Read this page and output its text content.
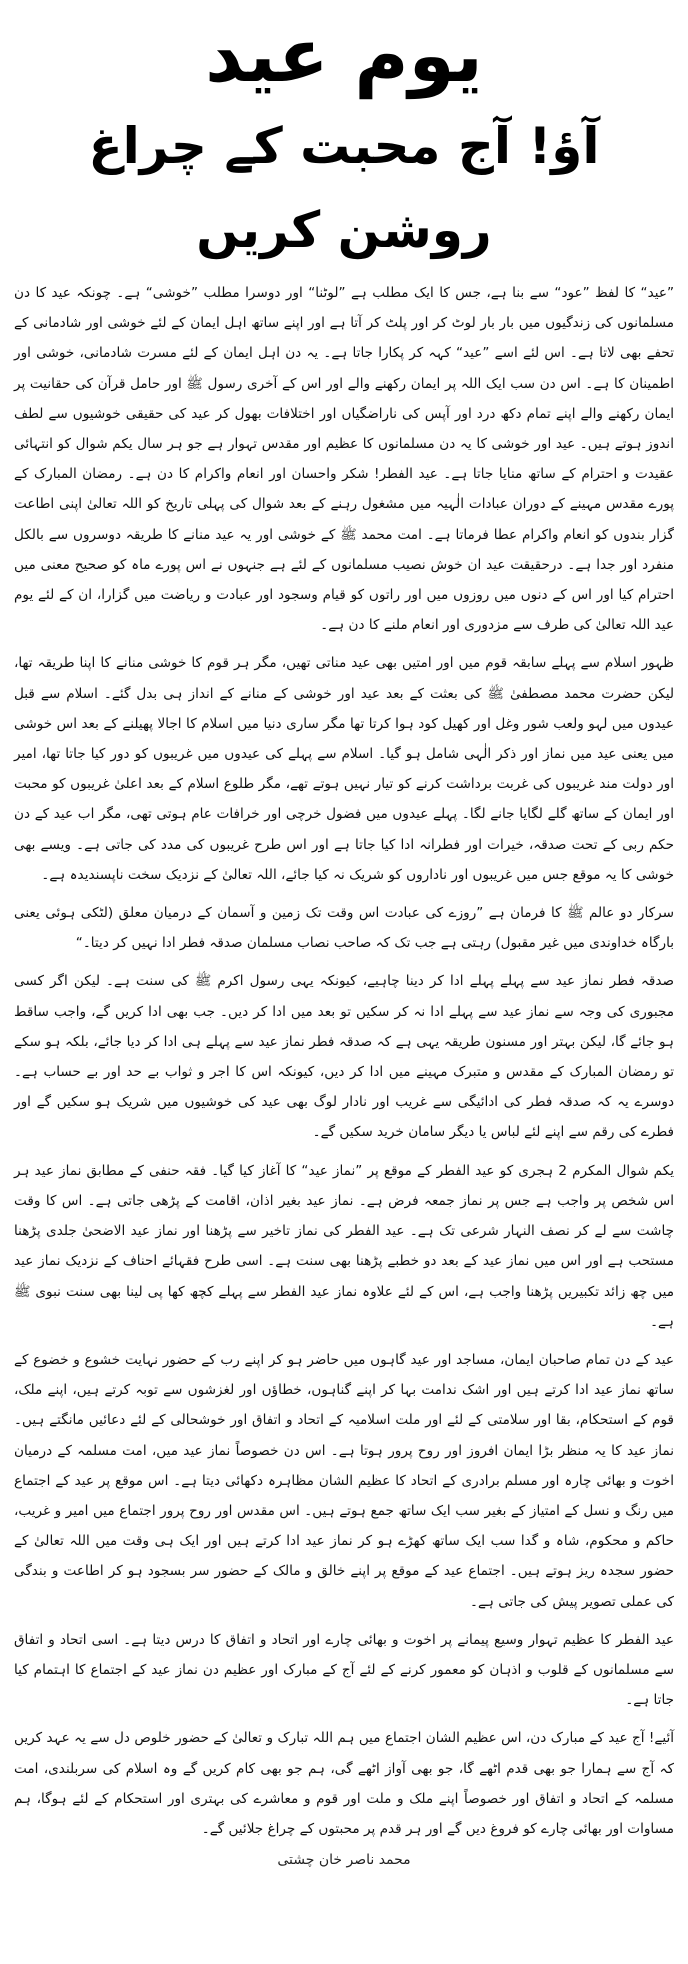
یوم عید
آؤ! آج محبت کے چراغ روشن کریں

”عید“ کا لفظ ”عود“ سے بنا ہے، جس کا ایک مطلب ہے ”لوٹنا“ اور دوسرا مطلب ”خوشی“ ہے۔ چونکہ عید کا دن مسلمانوں کی زندگیوں میں بار بار لوٹ کر اور پلٹ کر آتا ہے اور اپنے ساتھ اہل ایمان کے لئے خوشی اور شادمانی کے تحفے بھی لاتا ہے۔ اس لئے اسے ”عید“ کہہ کر پکارا جاتا ہے۔ یہ دن اہل ایمان کے لئے مسرت شادمانی، خوشی اور اطمینان کا ہے۔ اس دن سب ایک اللہ پر ایمان رکھنے والے اور اس کے آخری رسول ﷺ اور حامل قرآن کی حقانیت پر ایمان رکھنے والے اپنے تمام دکھ درد اور آپس کی ناراضگیاں اور اختلافات بھول کر عید کی حقیقی خوشیوں سے لطف اندوز ہوتے ہیں۔ عید اور خوشی کا یہ دن مسلمانوں کا عظیم اور مقدس تہوار ہے جو ہر سال یکم شوال کو انتہائی عقیدت و احترام کے ساتھ منایا جاتا ہے۔ عید الفطر! شکر واحسان اور انعام واکرام کا دن ہے۔ رمضان المبارک کے پورے مقدس مہینے کے دوران عبادات الٰہیہ میں مشغول رہنے کے بعد شوال کی پہلی تاریخ کو اللہ تعالیٰ اپنی اطاعت گزار بندوں کو انعام واکرام عطا فرماتا ہے۔ امت محمد ﷺ کے خوشی اور یہ عید منانے کا طریقہ دوسروں سے بالکل منفرد اور جدا ہے۔ درحقیقت عید ان خوش نصیب مسلمانوں کے لئے ہے جنہوں نے اس پورے ماہ کو صحیح معنی میں احترام کیا اور اس کے دنوں میں روزوں میں اور راتوں کو قیام وسجود اور عبادت و ریاضت میں گزارا، ان کے لئے یوم عید اللہ تعالیٰ کی طرف سے مزدوری اور انعام ملنے کا دن ہے۔

ظہور اسلام سے پہلے سابقہ قوم میں اور امتیں بھی عید مناتی تھیں، مگر ہر قوم کا خوشی منانے کا اپنا طریقہ تھا، لیکن حضرت محمد مصطفیٰ ﷺ کی بعثت کے بعد عید اور خوشی کے منانے کے انداز ہی بدل گئے۔ اسلام سے قبل عیدوں میں لہو ولعب شور وغل اور کھیل کود ہوا کرتا تھا مگر ساری دنیا میں اسلام کا اجالا پھیلنے کے بعد اس خوشی میں یعنی عید میں نماز اور ذکر الٰہی شامل ہو گیا۔ اسلام سے پہلے کی عیدوں میں غریبوں کو دور کیا جاتا تھا، امیر اور دولت مند غریبوں کی غربت برداشت کرنے کو تیار نہیں ہوتے تھے، مگر طلوع اسلام کے بعد اعلیٰ غریبوں کو محبت اور ایمان کے ساتھ گلے لگایا جانے لگا۔ پہلے عیدوں میں فضول خرچی اور خرافات عام ہوتی تھی، مگر اب عید کے دن حکم ربی کے تحت صدقہ، خیرات اور فطرانہ ادا کیا جاتا ہے اور اس طرح غریبوں کی مدد کی جاتی ہے۔ ویسے بھی خوشی کا یہ موقع جس میں غریبوں اور ناداروں کو شریک نہ کیا جائے، اللہ تعالیٰ کے نزدیک سخت ناپسندیدہ ہے۔

سرکار دو عالم ﷺ کا فرمان ہے ”روزے کی عبادت اس وقت تک زمین و آسمان کے درمیان معلق (لٹکی ہوئی یعنی بارگاہ خداوندی میں غیر مقبول) رہتی ہے جب تک کہ صاحب نصاب مسلمان صدقہ فطر ادا نہیں کر دیتا۔“

صدقہ فطر نماز عید سے پہلے پہلے ادا کر دینا چاہیے، کیونکہ یہی رسول اکرم ﷺ کی سنت ہے۔ لیکن اگر کسی مجبوری کی وجہ سے نماز عید سے پہلے ادا نہ کر سکیں تو بعد میں ادا کر دیں۔ جب بھی ادا کریں گے، واجب ساقط ہو جائے گا، لیکن بہتر اور مسنون طریقہ یہی ہے کہ صدقہ فطر نماز عید سے پہلے ہی ادا کر دیا جائے، بلکہ ہو سکے تو رمضان المبارک کے مقدس و متبرک مہینے میں ادا کر دیں، کیونکہ اس کا اجر و ثواب بے حد اور بے حساب ہے۔ دوسرے یہ کہ صدقہ فطر کی ادائیگی سے غریب اور نادار لوگ بھی عید کی خوشیوں میں شریک ہو سکیں گے اور فطرے کی رقم سے اپنے لئے لباس یا دیگر سامان خرید سکیں گے۔

یکم شوال المکرم 2 ہجری کو عید الفطر کے موقع پر ”نماز عید“ کا آغاز کیا گیا۔ فقہ حنفی کے مطابق نماز عید ہر اس شخص پر واجب ہے جس پر نماز جمعہ فرض ہے۔ نماز عید بغیر اذان، اقامت کے پڑھی جاتی ہے۔ اس کا وقت چاشت سے لے کر نصف النہار شرعی تک ہے۔ عید الفطر کی نماز تاخیر سے پڑھنا اور نماز عید الاضحیٰ جلدی پڑھنا مستحب ہے اور اس میں نماز عید کے بعد دو خطبے پڑھنا بھی سنت ہے۔ اسی طرح فقہائے احناف کے نزدیک نماز عید میں چھ زائد تکبیریں پڑھنا واجب ہے، اس کے لئے علاوہ نماز عید الفطر سے پہلے کچھ کھا پی لینا بھی سنت نبوی ﷺ ہے۔

عید کے دن تمام صاحبان ایمان، مساجد اور عید گاہوں میں حاضر ہو کر اپنے رب کے حضور نہایت خشوع و خضوع کے ساتھ نماز عید ادا کرتے ہیں اور اشک ندامت بہا کر اپنے گناہوں، خطاؤں اور لغزشوں سے توبہ کرتے ہیں، اپنے ملک، قوم کے استحکام، بقا اور سلامتی کے لئے اور ملت اسلامیہ کے اتحاد و اتفاق اور خوشحالی کے لئے دعائیں مانگتے ہیں۔ نماز عید کا یہ منظر بڑا ایمان افروز اور روح پرور ہوتا ہے۔ اس دن خصوصاً نماز عید میں، امت مسلمہ کے درمیان اخوت و بھائی چارہ اور مسلم برادری کے اتحاد کا عظیم الشان مظاہرہ دکھائی دیتا ہے۔ اس موقع پر عید کے اجتماع میں رنگ و نسل کے امتیاز کے بغیر سب ایک ساتھ جمع ہوتے ہیں۔ اس مقدس اور روح پرور اجتماع میں امیر و غریب، حاکم و محکوم، شاہ و گدا سب ایک ساتھ کھڑے ہو کر نماز عید ادا کرتے ہیں اور ایک ہی وقت میں اللہ تعالیٰ کے حضور سجدہ ریز ہوتے ہیں۔ اجتماع عید کے موقع پر اپنے خالق و مالک کے حضور سر بسجود ہو کر اطاعت و بندگی کی عملی تصویر پیش کی جاتی ہے۔

عید الفطر کا عظیم تہوار وسیع پیمانے پر اخوت و بھائی چارے اور اتحاد و اتفاق کا درس دیتا ہے۔ اسی اتحاد و اتفاق سے مسلمانوں کے قلوب و اذہان کو معمور کرنے کے لئے آج کے مبارک اور عظیم دن نماز عید کے اجتماع کا اہتمام کیا جاتا ہے۔

آئیے! آج عید کے مبارک دن، اس عظیم الشان اجتماع میں ہم اللہ تبارک و تعالیٰ کے حضور خلوص دل سے یہ عہد کریں کہ آج سے ہمارا جو بھی قدم اٹھے گا، جو بھی آواز اٹھے گی، ہم جو بھی کام کریں گے وہ اسلام کی سربلندی، امت مسلمہ کے اتحاد و اتفاق اور خصوصاً اپنے ملک و ملت اور قوم و معاشرے کی بہتری اور استحکام کے لئے ہوگا، ہم مساوات اور بھائی چارے کو فروغ دیں گے اور ہر قدم پر محبتوں کے چراغ جلائیں گے۔

محمد ناصر خان چشتی
